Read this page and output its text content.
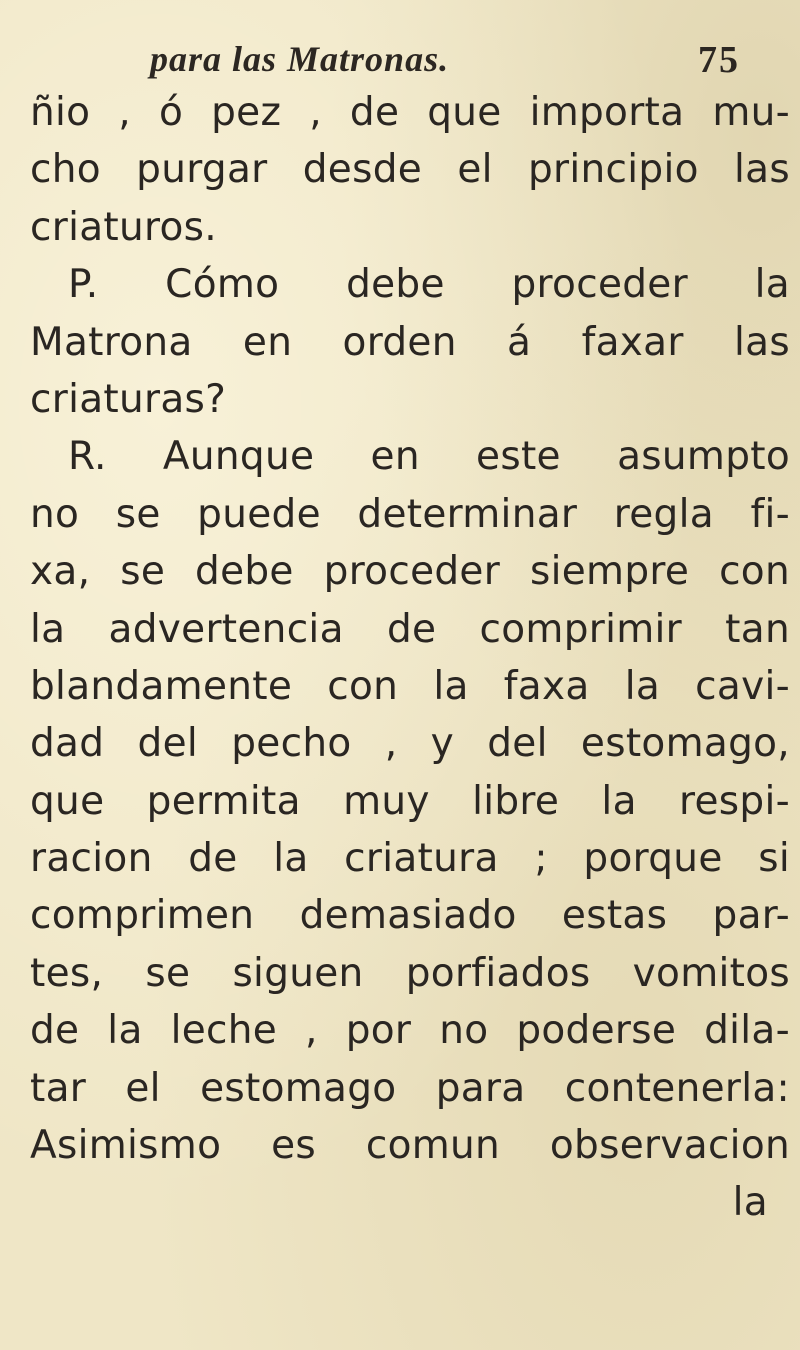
para las Matronas.	75
ñio , ó pez , de que importa mu-
cho purgar desde el principio las
criaturos.
P. Cómo debe proceder la
Matrona en orden á faxar las
criaturas?
R. Aunque en este asumpto
no se puede determinar regla fi-
xa, se debe proceder siempre con
la advertencia de comprimir tan
blandamente con la faxa la cavi-
dad del pecho , y del estomago,
que permita muy libre la respi-
racion de la criatura ; porque si
comprimen demasiado estas par-
tes, se siguen porfiados vomitos
de la leche , por no poderse dila-
tar el estomago para contenerla:
Asimismo es comun observacion
la
